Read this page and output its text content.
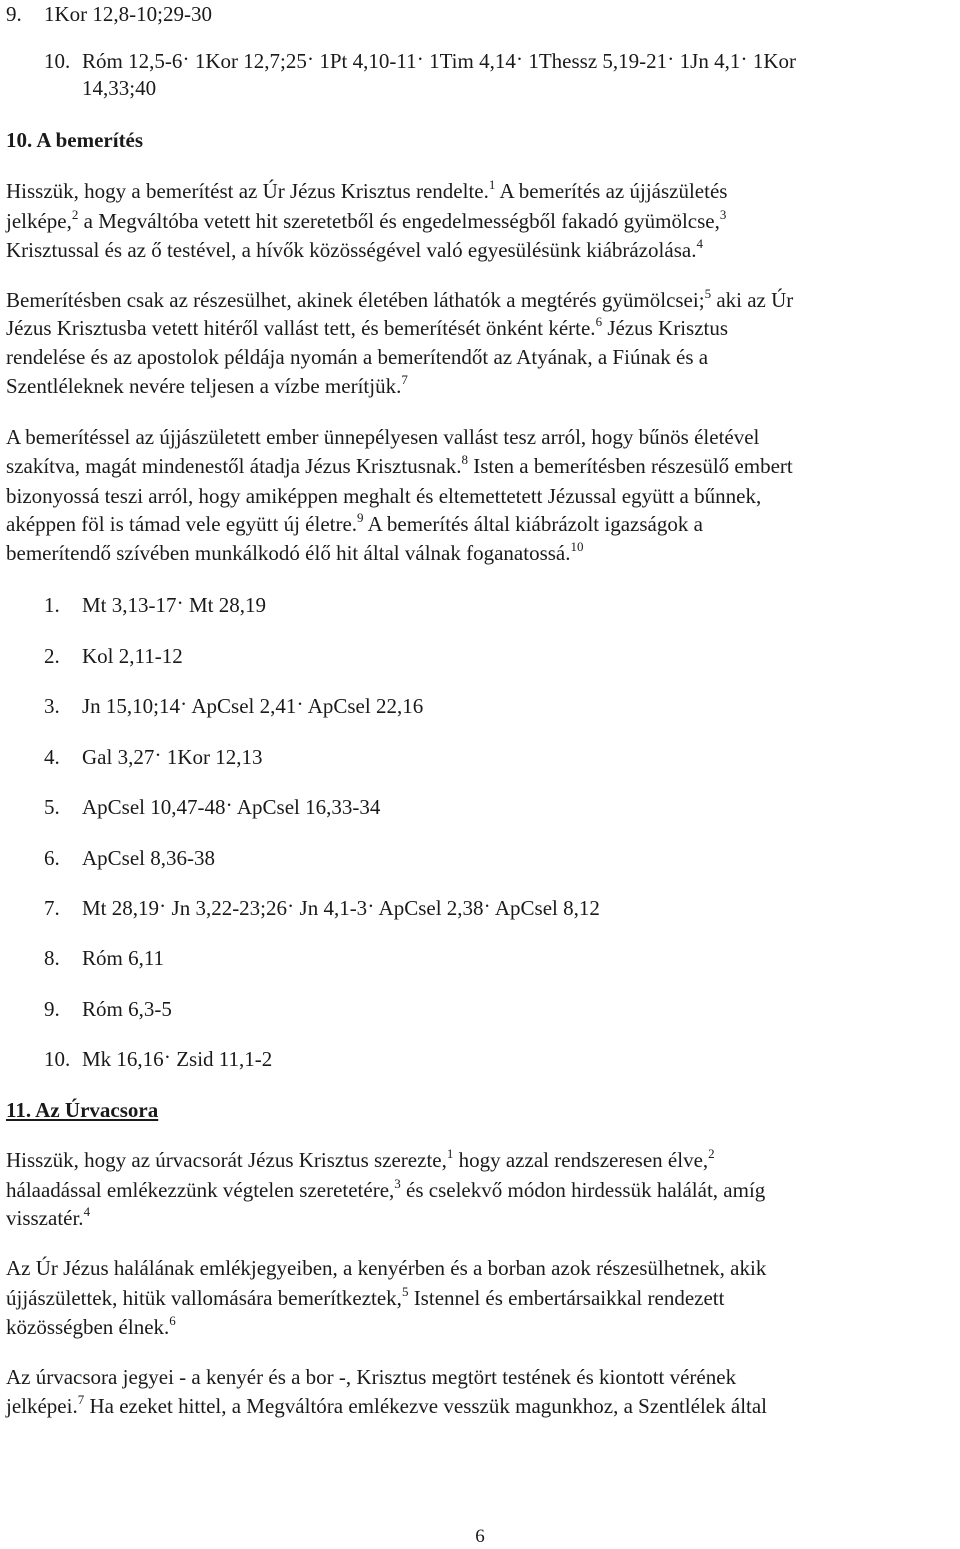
9. 1Kor 12,8-10;29-30
10. Róm 12,5-6. 1Kor 12,7;25. 1Pt 4,10-11. 1Tim 4,14. 1Thessz 5,19-21. 1Jn 4,1. 1Kor
14,33;40
10. A bemerítés
Hisszük, hogy a bemerítést az Úr Jézus Krisztus rendelte.$^1$ A bemerítés az újjászületés
jelképe,$^2$ a Megváltóba vetett hit szeretetből és engedelmességből fakadó gyümölcse,$^3$
Krisztussal és az ő testével, a hívők közösségével való egyesülésünk kiábrázolása.$^4$
Bemerítésben csak az részesülhet, akinek életében láthatók a megtérés gyümölcsei;$^5$ aki az Úr
Jézus Krisztusba vetett hitéről vallást tett, és bemerítését önként kérte.$^6$ Jézus Krisztus
rendelése és az apostolok példája nyomán a bemerítendőt az Atyának, a Fiúnak és a
Szentléleknek nevére teljesen a vízbe merítjük.$^7$
A bemerítéssel az újjászületett ember ünnepélyesen vallást tesz arról, hogy bűnös életével
szakítva, magát mindenestől átadja Jézus Krisztusnak.$^8$ Isten a bemerítésben részesülő embert
bizonyossá teszi arról, hogy amiképpen meghalt és eltemettetett Jézussal együtt a bűnnek,
aképpen föl is támad vele együtt új életre.$^9$ A bemerítés által kiábrázolt igazságok a
bemerítendő szívében munkálkodó élő hit által válnak foganatossá.$^{10}$
1. Mt 3,13-17. Mt 28,19
2. Kol 2,11-12
3. Jn 15,10;14. ApCsel 2,41. ApCsel 22,16
4. Gal 3,27. 1Kor 12,13
5. ApCsel 10,47-48. ApCsel 16,33-34
6. ApCsel 8,36-38
7. Mt 28,19. Jn 3,22-23;26. Jn 4,1-3. ApCsel 2,38. ApCsel 8,12
8. Róm 6,11
9. Róm 6,3-5
10. Mk 16,16. Zsid 11,1-2
11. Az Úrvacsora
Hisszük, hogy az úrvacsorát Jézus Krisztus szerezte,$^1$ hogy azzal rendszeresen élve,$^2$
hálaadással emlékezzünk végtelen szeretetére,$^3$ és cselekvő módon hirdessük halálát, amíg
visszatér.$^4$
Az Úr Jézus halálának emlékjegyeiben, a kenyérben és a borban azok részesülhetnek, akik
újjászülettek, hitük vallomására bemerítkeztek,$^5$ Istennel és embertársaikkal rendezett
közösségben élnek.$^6$
Az úrvacsora jegyei - a kenyér és a bor -, Krisztus megtört testének és kiontott vérének
jelképei.$^7$ Ha ezeket hittel, a Megváltóra emlékezve vesszük magunkhoz, a Szentlélek által
6
